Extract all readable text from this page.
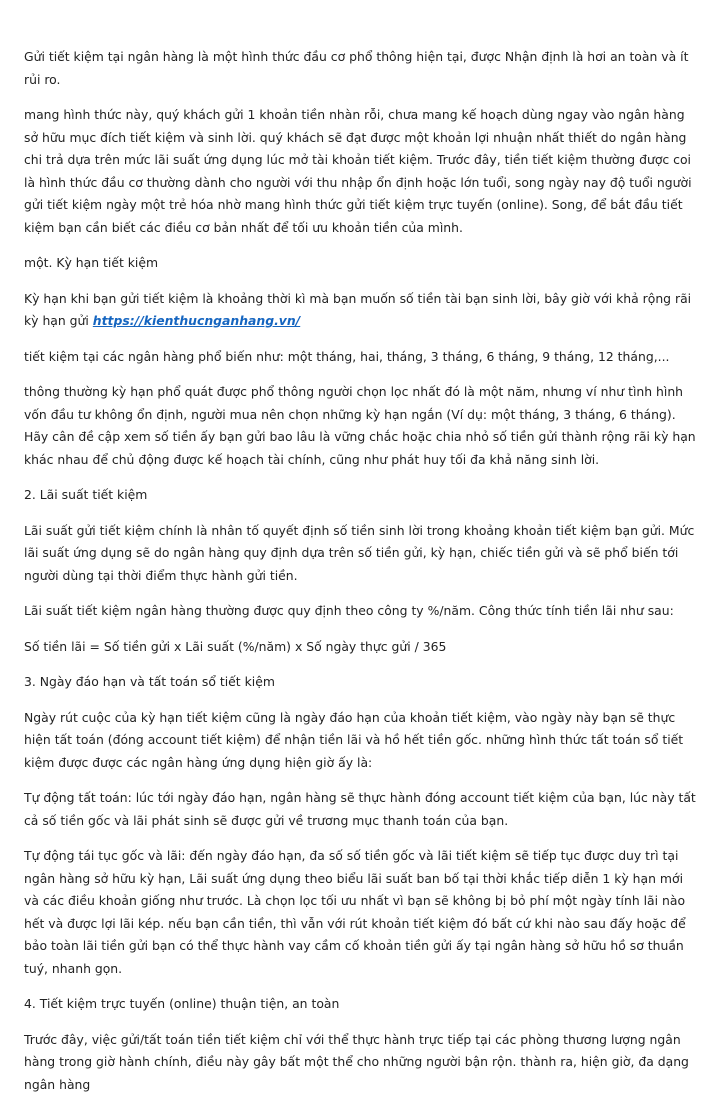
Gửi tiết kiệm tại ngân hàng là một hình thức đầu cơ phổ thông hiện tại, được Nhận định là hơi an toàn và ít rủi ro.

mang hình thức này, quý khách gửi 1 khoản tiền nhàn rỗi, chưa mang kế hoạch dùng ngay vào ngân hàng sở hữu mục đích tiết kiệm và sinh lời. quý khách sẽ đạt được một khoản lợi nhuận nhất thiết do ngân hàng chi trả dựa trên mức lãi suất ứng dụng lúc mở tài khoản tiết kiệm. Trước đây, tiền tiết kiệm thường được coi là hình thức đầu cơ thường dành cho người với thu nhập ổn định hoặc lớn tuổi, song ngày nay độ tuổi người gửi tiết kiệm ngày một trẻ hóa nhờ mang hình thức gửi tiết kiệm trực tuyến (online). Song, để bắt đầu tiết kiệm bạn cần biết các điều cơ bản nhất để tối ưu khoản tiền của mình.

một. Kỳ hạn tiết kiệm

Kỳ hạn khi bạn gửi tiết kiệm là khoảng thời kì mà bạn muốn số tiền tài bạn sinh lời, bây giờ với khả rộng rãi kỳ hạn gửi https://kienthucnganhang.vn/

tiết kiệm tại các ngân hàng phổ biến như: một tháng, hai, tháng, 3 tháng, 6 tháng, 9 tháng, 12 tháng,...

thông thường kỳ hạn phổ quát được phổ thông người chọn lọc nhất đó là một năm, nhưng ví như tình hình vốn đầu tư không ổn định, người mua nên chọn những kỳ hạn ngắn (Ví dụ: một tháng, 3 tháng, 6 tháng). Hãy cân đề cập xem số tiền ấy bạn gửi bao lâu là vững chắc hoặc chia nhỏ số tiền gửi thành rộng rãi kỳ hạn khác nhau để chủ động được kế hoạch tài chính, cũng như phát huy tối đa khả năng sinh lời.

2. Lãi suất tiết kiệm

Lãi suất gửi tiết kiệm chính là nhân tố quyết định số tiền sinh lời trong khoảng khoản tiết kiệm bạn gửi. Mức lãi suất ứng dụng sẽ do ngân hàng quy định dựa trên số tiền gửi, kỳ hạn, chiếc tiền gửi và sẽ phổ biến tới người dùng tại thời điểm thực hành gửi tiền.

Lãi suất tiết kiệm ngân hàng thường được quy định theo công ty %/năm. Công thức tính tiền lãi như sau:

Số tiền lãi = Số tiền gửi x Lãi suất (%/năm) x Số ngày thực gửi / 365

3. Ngày đáo hạn và tất toán sổ tiết kiệm

Ngày rút cuộc của kỳ hạn tiết kiệm cũng là ngày đáo hạn của khoản tiết kiệm, vào ngày này bạn sẽ thực hiện tất toán (đóng account tiết kiệm) để nhận tiền lãi và hồ hết tiền gốc. những hình thức tất toán sổ tiết kiệm được được các ngân hàng ứng dụng hiện giờ ấy là:

Tự động tất toán: lúc tới ngày đáo hạn, ngân hàng sẽ thực hành đóng account tiết kiệm của bạn, lúc này tất cả số tiền gốc và lãi phát sinh sẽ được gửi về trương mục thanh toán của bạn.

Tự động tái tục gốc và lãi: đến ngày đáo hạn, đa số số tiền gốc và lãi tiết kiệm sẽ tiếp tục được duy trì tại ngân hàng sở hữu kỳ hạn, Lãi suất ứng dụng theo biểu lãi suất ban bố tại thời khắc tiếp diễn 1 kỳ hạn mới và các điều khoản giống như trước. Là chọn lọc tối ưu nhất vì bạn sẽ không bị bỏ phí một ngày tính lãi nào hết và được lợi lãi kép. nếu bạn cần tiền, thì vẫn với rút khoản tiết kiệm đó bất cứ khi nào sau đấy hoặc để bảo toàn lãi tiền gửi bạn có thể thực hành vay cầm cố khoản tiền gửi ấy tại ngân hàng sở hữu hồ sơ thuần tuý, nhanh gọn.

4. Tiết kiệm trực tuyến (online) thuận tiện, an toàn

Trước đây, việc gửi/tất toán tiền tiết kiệm chỉ với thể thực hành trực tiếp tại các phòng thương lượng ngân hàng trong giờ hành chính, điều này gây bất một thể cho những người bận rộn. thành ra, hiện giờ, đa dạng ngân hàng
